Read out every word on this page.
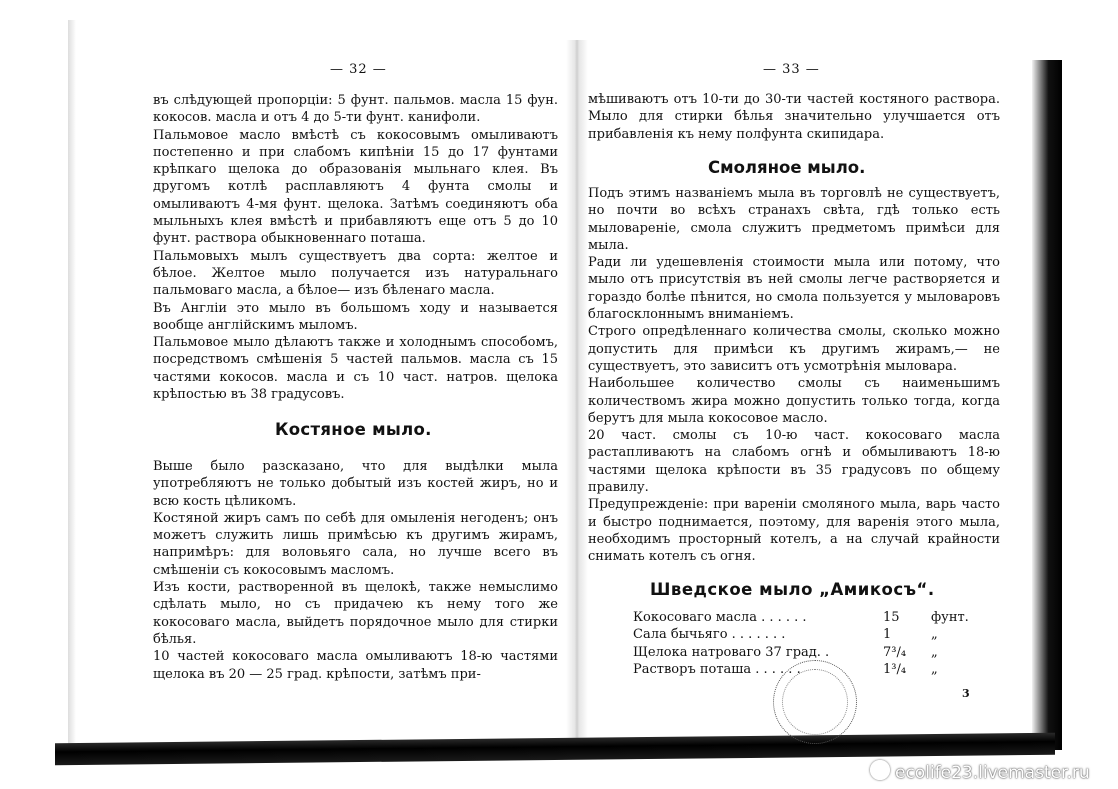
— 32 —
въ слѣдующей пропорціи: 5 фунт. пальмов. масла 15 фун. кокосов. масла и отъ 4 до 5-ти фунт. канифоли.
Пальмовое масло вмѣстѣ съ кокосовымъ омыливаютъ постепенно и при слабомъ кипѣніи 15 до 17 фунтами крѣпкаго щелока до образованія мыльнаго клея. Въ другомъ котлѣ расплавляютъ 4 фунта смолы и омыливаютъ 4-мя фунт. щелока. Затѣмъ соединяютъ оба мыльныхъ клея вмѣстѣ и прибавляютъ еще отъ 5 до 10 фунт. раствора обыкновеннаго поташа.
Пальмовыхъ мылъ существуетъ два сорта: желтое и бѣлое. Желтое мыло получается изъ натуральнаго пальмоваго масла, а бѣлое— изъ бѣленаго масла.
Въ Англіи это мыло въ большомъ ходу и называется вообще англійскимъ мыломъ.
Пальмовое мыло дѣлаютъ также и холоднымъ способомъ, посредствомъ смѣшенія 5 частей пальмов. масла съ 15 частями кокосов. масла и съ 10 част. натров. щелока крѣпостью въ 38 градусовъ.
Костяное мыло.
Выше было разсказано, что для выдѣлки мыла употребляютъ не только добытый изъ костей жиръ, но и всю кость цѣликомъ.
Костяной жиръ самъ по себѣ для омыленія негоденъ; онъ можетъ служить лишь примѣсью къ другимъ жирамъ, напримѣръ: для воловьяго сала, но лучше всего въ смѣшеніи съ кокосовымъ масломъ.
Изъ кости, растворенной въ щелокѣ, также немыслимо сдѣлать мыло, но съ придачею къ нему того же кокосоваго масла, выйдетъ порядочное мыло для стирки бѣлья.
10 частей кокосоваго масла омыливаютъ 18-ю частями щелока въ 20 — 25 град. крѣпости, затѣмъ при-
— 33 —
мѣшиваютъ отъ 10-ти до 30-ти частей костяного раствора. Мыло для стирки бѣлья значительно улучшается отъ прибавленія къ нему полфунта скипидара.
Смоляное мыло.
Подъ этимъ названіемъ мыла въ торговлѣ не существуетъ, но почти во всѣхъ странахъ свѣта, гдѣ только есть мыловареніе, смола служитъ предметомъ примѣси для мыла.
Ради ли удешевленія стоимости мыла или потому, что мыло отъ присутствія въ ней смолы легче растворяется и гораздо болѣе пѣнится, но смола пользуется у мыловаровъ благосклоннымъ вниманіемъ.
Строго опредѣленнаго количества смолы, сколько можно допустить для примѣси къ другимъ жирамъ,— не существуетъ, это зависитъ отъ усмотрѣнія мыловара.
Наибольшее количество смолы съ наименьшимъ количествомъ жира можно допустить только тогда, когда берутъ для мыла кокосовое масло.
20 част. смолы съ 10-ю част. кокосоваго масла растапливаютъ на слабомъ огнѣ и обмыливаютъ 18-ю частями щелока крѣпости въ 35 градусовъ по общему правилу.
Предупрежденіе: при вареніи смоляного мыла, варь часто и быстро поднимается, поэтому, для варенія этого мыла, необходимъ просторный котелъ, а на случай крайности снимать котелъ съ огня.
Шведское мыло „Амикосъ“.
Кокосоваго масла . . . . . .	15 фунт.
Сала бычьяго . . . . . . .	1	„
Щелока натроваго 37 град. .	7³/₄ „
Растворъ поташа . . . . . .	1³/₄ „
3
ecolife23.livemaster.ru
